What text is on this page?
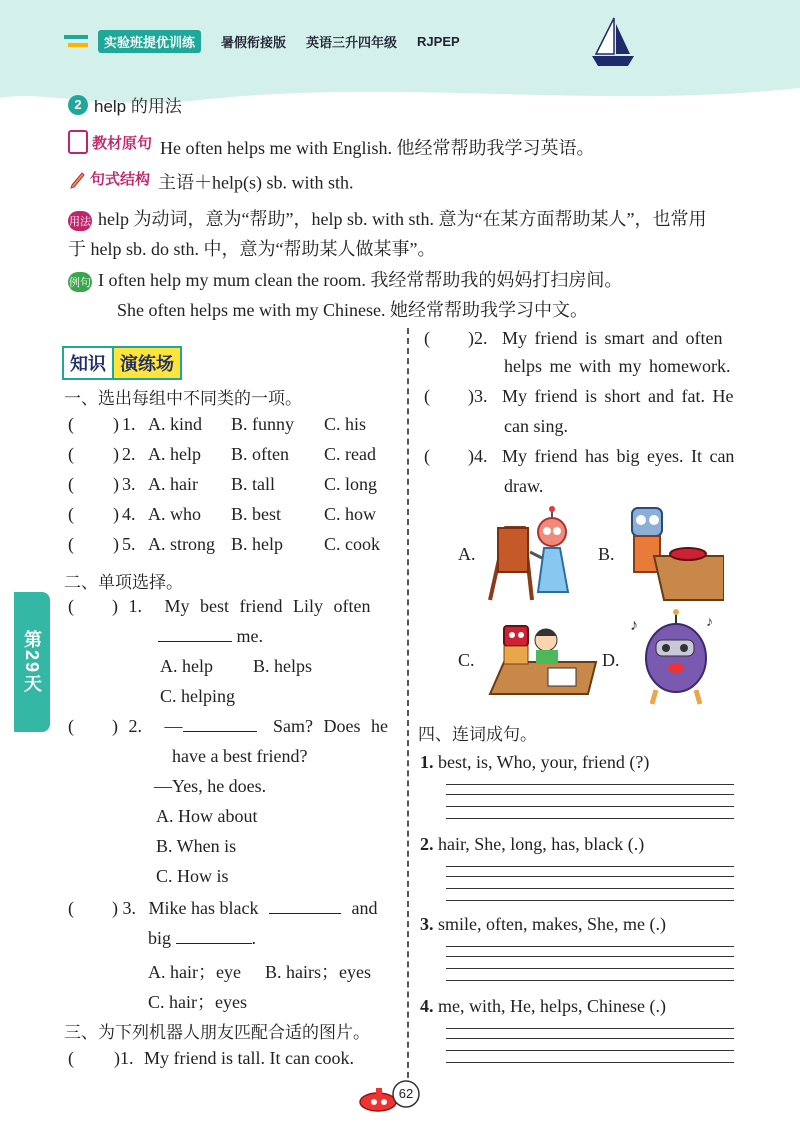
实验班提优训练	暑假衔接版 英语三升四年级 RJPEP
2 help 的用法
教材原句 He often helps me with English. 他经常帮助我学习英语。
句式结构 主语＋help(s) sb. with sth.
用法 help 为动词，意为“帮助”，help sb. with sth. 意为“在某方面帮助某人”，也常用
于 help sb. do sth. 中，意为“帮助某人做某事”。
例句 I often help my mum clean the room. 我经常帮助我的妈妈打扫房间。
She often helps me with my Chinese. 她经常帮助我学习中文。
知识 演练场
一、选出每组中不同类的一项。
( ) 1. A. kind B. funny C. his
( ) 2. A. help B. often C. read
( ) 3. A. hair B. tall	C. long
( ) 4. A. who B. best C. how
( ) 5. A. strong B. help C. cook
二、单项选择。
第29天
( ) 1. My best friend Lily often
me.
A. help B. helps
C. helping
( ) 2. —	Sam? Does he
have a best friend?
—Yes, he does.
A. How about
B. When is
C. How is
( ) 3. Mike has black	and
big	.
A. hair；eye B. hairs；eyes
C. hair；eyes
三、为下列机器人朋友匹配合适的图片。
( )1. My friend is tall. It can cook.
( )2. My friend is smart and often
helps me with my homework.
( )3. My friend is short and fat. He
can sing.
( )4. My friend has big eyes. It can
draw.
A.	B.
C.	D.
♪	♪
四、连词成句。
1. best, is, Who, your, friend (?)
2. hair, She, long, has, black (.)
3. smile, often, makes, She, me (.)
4. me, with, He, helps, Chinese (.)
62
